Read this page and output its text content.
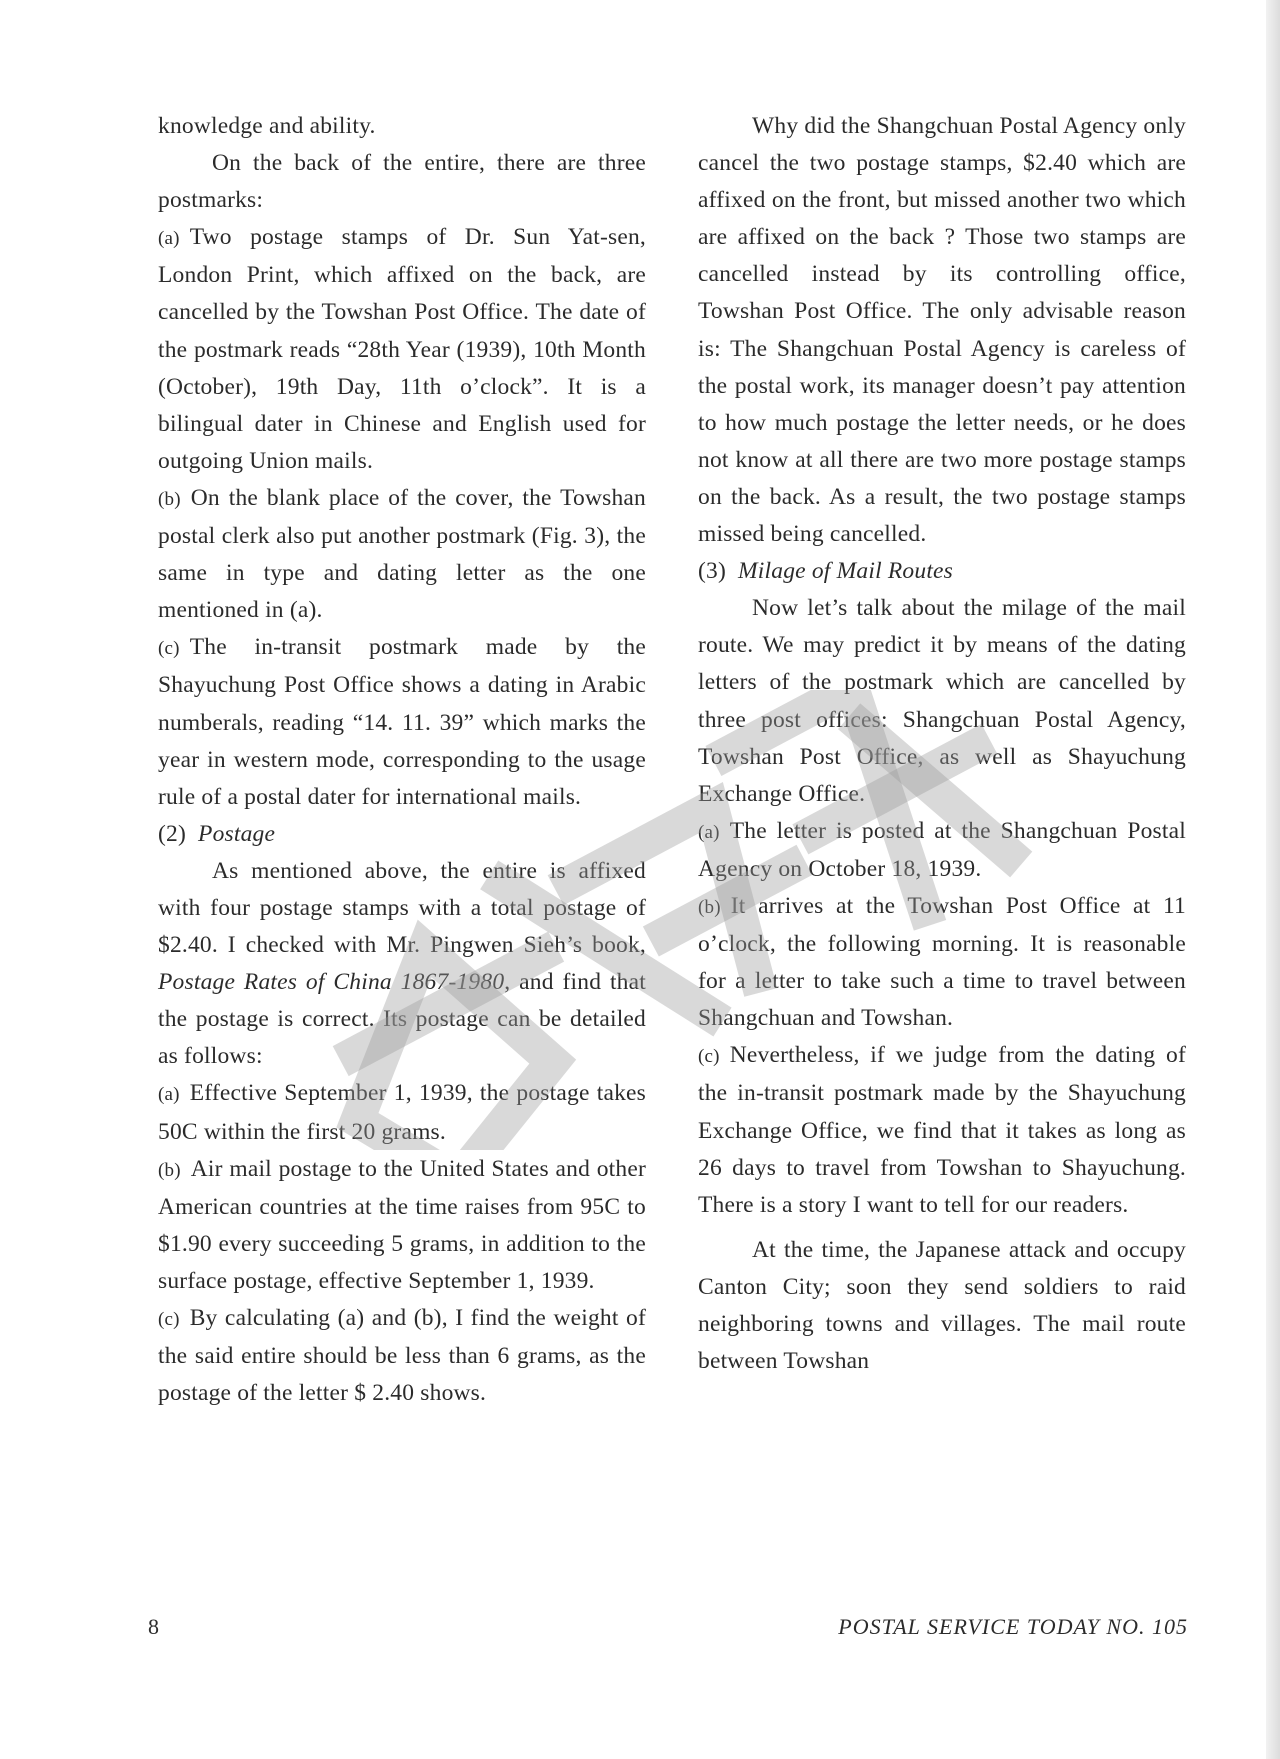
knowledge and ability.

On the back of the entire, there are three postmarks:

(a) Two postage stamps of Dr. Sun Yat-sen, London Print, which affixed on the back, are cancelled by the Towshan Post Office. The date of the postmark reads “28th Year (1939), 10th Month (October), 19th Day, 11th o’clock”. It is a bilingual dater in Chinese and English used for outgoing Union mails.

(b) On the blank place of the cover, the Towshan postal clerk also put another postmark (Fig. 3), the same in type and dating letter as the one mentioned in (a).

(c) The in-transit postmark made by the Shayuchung Post Office shows a dating in Arabic numberals, reading “14. 11. 39” which marks the year in western mode, corresponding to the usage rule of a postal dater for international mails.

(2) Postage

As mentioned above, the entire is affixed with four postage stamps with a total postage of $2.40. I checked with Mr. Pingwen Sieh’s book, Postage Rates of China 1867-1980, and find that the postage is correct. Its postage can be detailed as follows:

(a) Effective September 1, 1939, the postage takes 50C within the first 20 grams.

(b) Air mail postage to the United States and other American countries at the time raises from 95C to $1.90 every succeeding 5 grams, in addition to the surface postage, effective September 1, 1939.

(c) By calculating (a) and (b), I find the weight of the said entire should be less than 6 grams, as the postage of the letter $ 2.40 shows.

Why did the Shangchuan Postal Agency only cancel the two postage stamps, $2.40 which are affixed on the front, but missed another two which are affixed on the back ? Those two stamps are cancelled instead by its controlling office, Towshan Post Office. The only advisable reason is: The Shangchuan Postal Agency is careless of the postal work, its manager doesn’t pay attention to how much postage the letter needs, or he does not know at all there are two more postage stamps on the back. As a result, the two postage stamps missed being cancelled.

(3) Milage of Mail Routes

Now let’s talk about the milage of the mail route. We may predict it by means of the dating letters of the postmark which are cancelled by three post offices: Shangchuan Postal Agency, Towshan Post Office, as well as Shayuchung Exchange Office.

(a) The letter is posted at the Shangchuan Postal Agency on October 18, 1939.

(b) It arrives at the Towshan Post Office at 11 o’clock, the following morning. It is reasonable for a letter to take such a time to travel between Shangchuan and Towshan.

(c) Nevertheless, if we judge from the dating of the in-transit postmark made by the Shayuchung Exchange Office, we find that it takes as long as 26 days to travel from Towshan to Shayuchung. There is a story I want to tell for our readers.

At the time, the Japanese attack and occupy Canton City; soon they send soldiers to raid neighboring towns and villages. The mail route between Towshan

8	POSTAL SERVICE TODAY NO. 105
